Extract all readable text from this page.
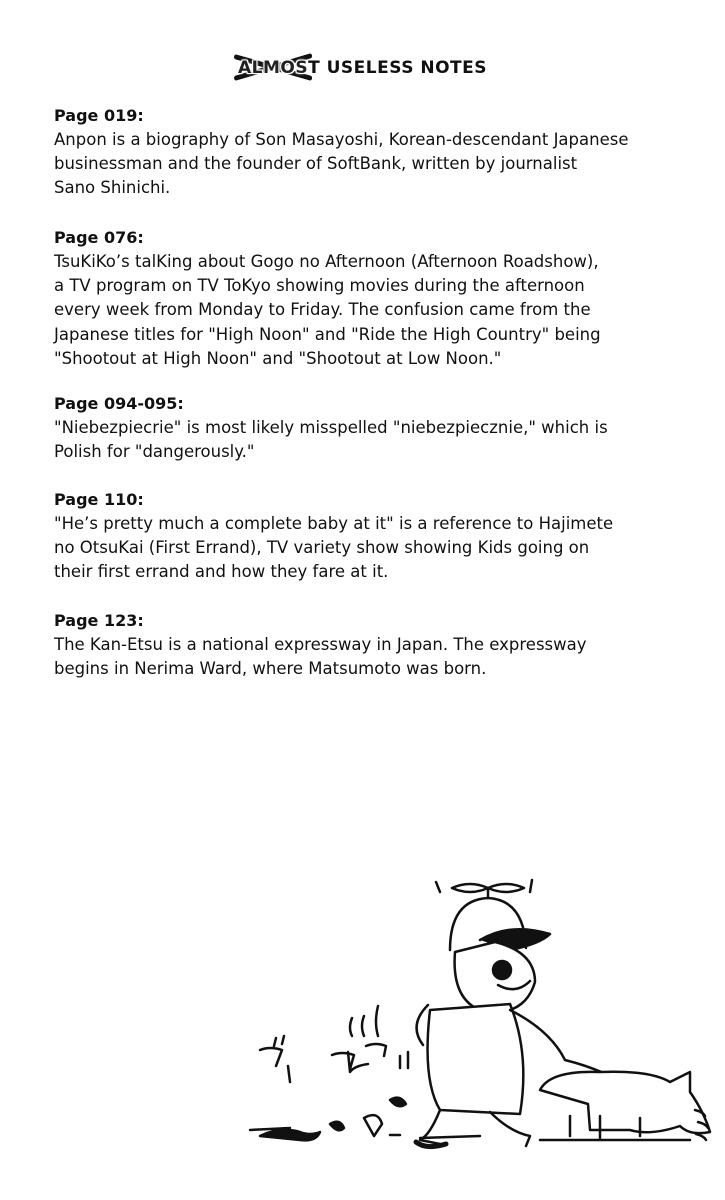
ALMOST USELESS NOTES
Page 019:
Anpon is a biography of Son Masayoshi, Korean-descendant Japanese
businessman and the founder of SoftBank, written by journalist
Sano Shinichi.
Page 076:
TsuKiKo’s talKing about Gogo no Afternoon (Afternoon Roadshow),
a TV program on TV ToKyo showing movies during the afternoon
every week from Monday to Friday. The confusion came from the
Japanese titles for "High Noon" and "Ride the High Country" being
"Shootout at High Noon" and "Shootout at Low Noon."
Page 094-095:
"Niebezpiecrie" is most likely misspelled "niebezpiecznie," which is
Polish for "dangerously."
Page 110:
"He’s pretty much a complete baby at it" is a reference to Hajimete
no OtsuKai (First Errand), TV variety show showing Kids going on
their first errand and how they fare at it.
Page 123:
The Kan-Etsu is a national expressway in Japan. The expressway
begins in Nerima Ward, where Matsumoto was born.
